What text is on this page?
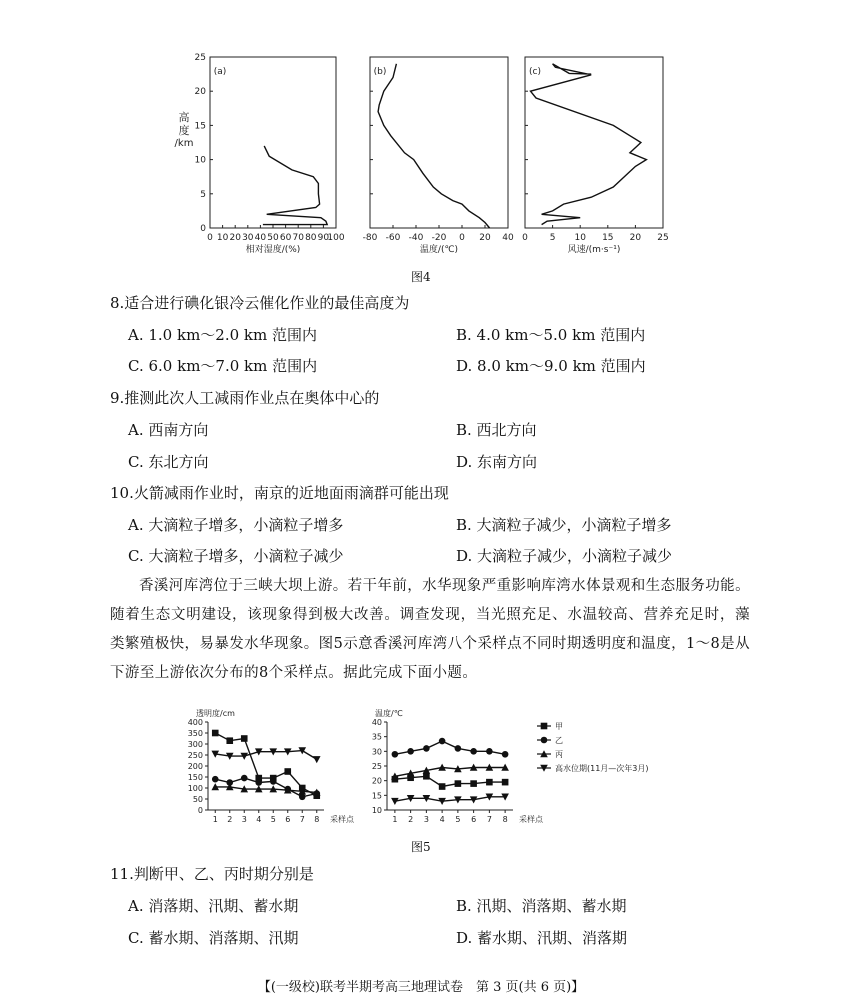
高
度
/km
(a)
0 10 20 30 40 50 60 70 80 90
100
0
5
10
15
20
25
相对湿度/(%)
(b)
-80 -60 -40 -20 0 20 40
温度/(℃)
(c)
0 5 10 15 20 25
风速/(m·s⁻¹)
图4
8.适合进行碘化银冷云催化作业的最佳高度为
A. 1.0 km～2.0 km 范围内	B. 4.0 km～5.0 km 范围内
C. 6.0 km～7.0 km 范围内	D. 8.0 km～9.0 km 范围内
9.推测此次人工减雨作业点在奥体中心的
A. 西南方向	B. 西北方向
C. 东北方向	D. 东南方向
10.火箭减雨作业时，南京的近地面雨滴群可能出现
A. 大滴粒子增多，小滴粒子增多	B. 大滴粒子减少，小滴粒子增多
C. 大滴粒子增多，小滴粒子减少	D. 大滴粒子减少，小滴粒子减少

香溪河库湾位于三峡大坝上游。若干年前，水华现象严重影响库湾水体景观和生态服务功能。随着生态文明建设，该现象得到极大改善。调查发现，当光照充足、水温较高、营养充足时，藻类繁殖极快，易暴发水华现象。图5示意香溪河库湾八个采样点不同时期透明度和温度，1～8是从下游至上游依次分布的8个采样点。据此完成下面小题。

0
50
100
150
200
250
300
350
400
1 2 3 4 5 6 7 8
透明度/cm
采样点
10
15
20
25
30
35
40
1 2 3 4 5 6 7 8
温度/℃
采样点
甲
乙
丙
高水位期(11月—次年3月)
图5
11.判断甲、乙、丙时期分别是
A. 消落期、汛期、蓄水期	B. 汛期、消落期、蓄水期
C. 蓄水期、消落期、汛期	D. 蓄水期、汛期、消落期
【(一级校)联考半期考高三地理试卷　第 3 页(共 6 页)】
